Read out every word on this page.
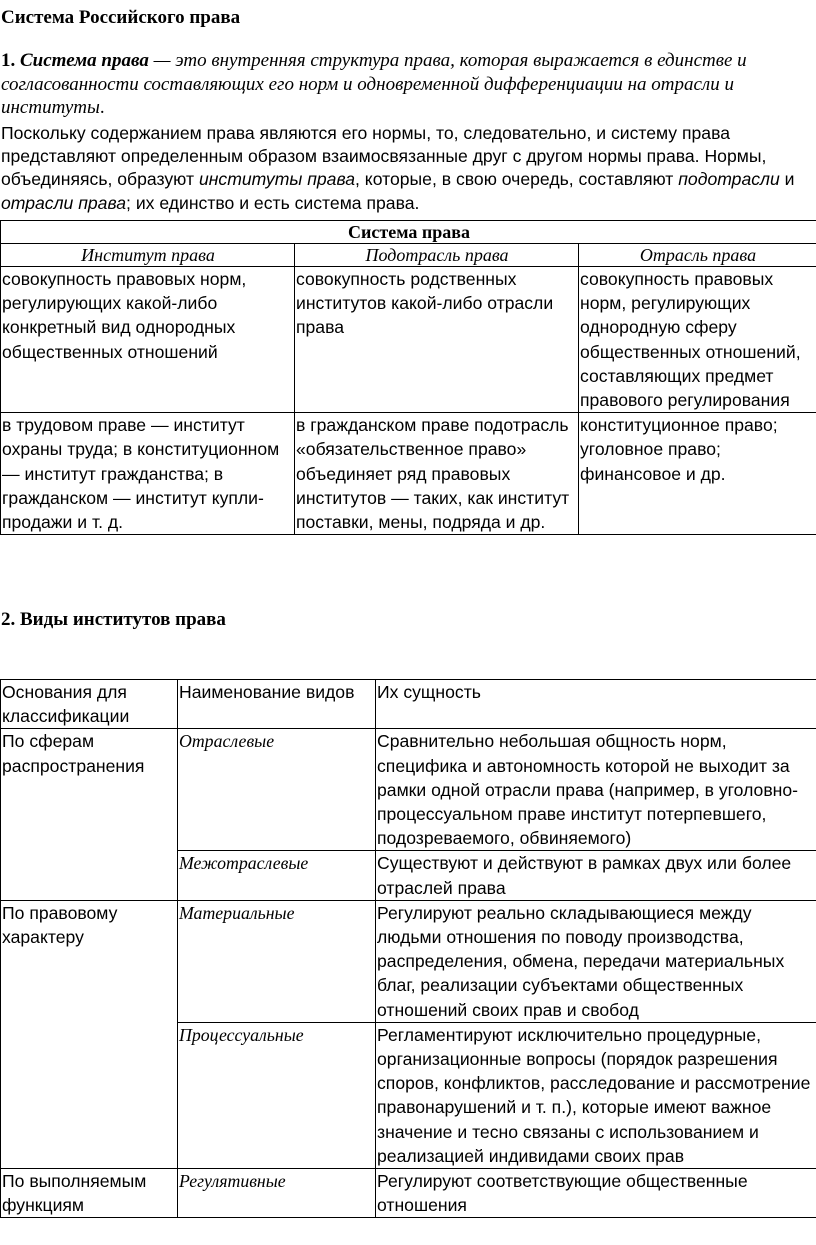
Система Российского права
1. Система права — это внутренняя структура права, которая выражается в единстве и согласованности составляющих его норм и одновременной дифференциации на отрасли и институты.
Поскольку содержанием права являются его нормы, то, следовательно, и систему права представляют определенным образом взаимосвязанные друг с другом нормы права. Нормы, объединяясь, образуют институты права, которые, в свою очередь, составляют подотрасли и отрасли права; их единство и есть система права.
Система права		
Институт права	Подотрасль права	Отрасль права
совокупность правовых норм, регулирующих какой-либо конкретный вид однородных общественных отношений	совокупность родственных институтов какой-либо отрасли права	совокупность правовых норм, регулирующих однородную сферу общественных отношений, составляющих предмет правового регулирования
в трудовом праве — институт охраны труда; в конституционном — институт гражданства; в гражданском — институт купли-продажи и т. д.	в гражданском праве подотрасль «обязательственное право» объединяет ряд правовых институтов — таких, как институт поставки, мены, подряда и др.	конституционное право; уголовное право; финансовое и др.
2. Виды институтов права
Основания для классификации	Наименование видов	Их сущность
По сферам распространения	Отраслевые	Сравнительно небольшая общность норм, специфика и автономность которой не выходит за рамки одной отрасли права (например, в уголовно-процессуальном праве институт потерпевшего, подозреваемого, обвиняемого)
	Межотраслевые	Существуют и действуют в рамках двух или более отраслей права
По правовому характеру	Материальные	Регулируют реально складывающиеся между людьми отношения по поводу производства, распределения, обмена, передачи материальных благ, реализации субъектами общественных отношений своих прав и свобод
	Процессуальные	Регламентируют исключительно процедурные, организационные вопросы (порядок разрешения споров, конфликтов, расследование и рассмотрение правонарушений и т. п.), которые имеют важное значение и тесно связаны с использованием и реализацией индивидами своих прав
По выполняемым функциям	Регулятивные	Регулируют соответствующие общественные отношения
